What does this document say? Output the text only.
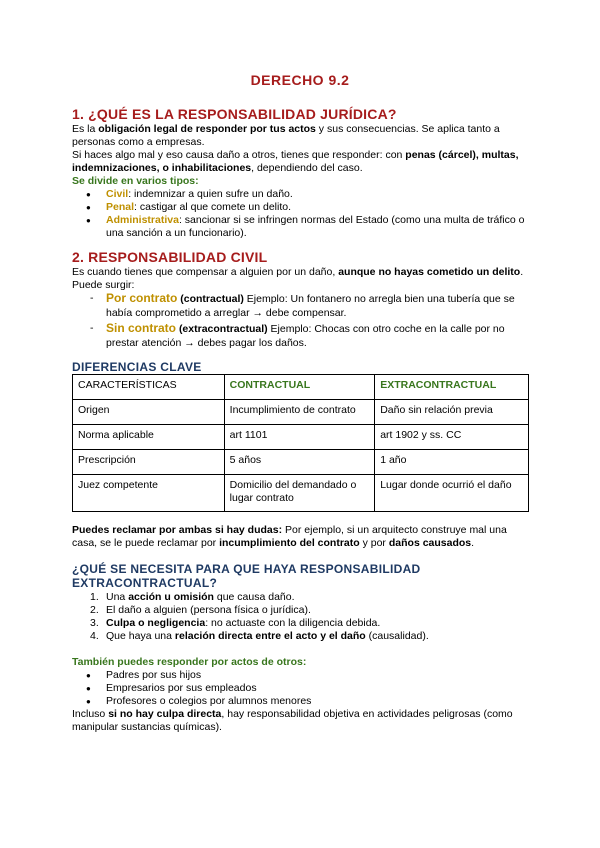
DERECHO 9.2
1. ¿QUÉ ES LA RESPONSABILIDAD JURÍDICA?
Es la obligación legal de responder por tus actos y sus consecuencias. Se aplica tanto a personas como a empresas.
Si haces algo mal y eso causa daño a otros, tienes que responder: con penas (cárcel), multas, indemnizaciones, o inhabilitaciones, dependiendo del caso.
Se divide en varios tipos:
● Civil: indemnizar a quien sufre un daño.
● Penal: castigar al que comete un delito.
● Administrativa: sancionar si se infringen normas del Estado (como una multa de tráfico o una sanción a un funcionario).
2. RESPONSABILIDAD CIVIL
Es cuando tienes que compensar a alguien por un daño, aunque no hayas cometido un delito. Puede surgir:
- Por contrato (contractual) Ejemplo: Un fontanero no arregla bien una tubería que se había comprometido a arreglar → debe compensar.
- Sin contrato (extracontractual) Ejemplo: Chocas con otro coche en la calle por no prestar atención → debes pagar los daños.
DIFERENCIAS CLAVE
CARACTERÍSTICAS	CONTRACTUAL	EXTRACONTRACTUAL
Origen	Incumplimiento de contrato	Daño sin relación previa
Norma aplicable	art 1101	art 1902 y ss. CC
Prescripción	5 años	1 año
Juez competente	Domicilio del demandado o lugar contrato	Lugar donde ocurrió el daño
Puedes reclamar por ambas si hay dudas: Por ejemplo, si un arquitecto construye mal una casa, se le puede reclamar por incumplimiento del contrato y por daños causados.
¿QUÉ SE NECESITA PARA QUE HAYA RESPONSABILIDAD EXTRACONTRACTUAL?
1. Una acción u omisión que causa daño.
2. El daño a alguien (persona física o jurídica).
3. Culpa o negligencia: no actuaste con la diligencia debida.
4. Que haya una relación directa entre el acto y el daño (causalidad).
También puedes responder por actos de otros:
● Padres por sus hijos
● Empresarios por sus empleados
● Profesores o colegios por alumnos menores
Incluso si no hay culpa directa, hay responsabilidad objetiva en actividades peligrosas (como manipular sustancias químicas).
